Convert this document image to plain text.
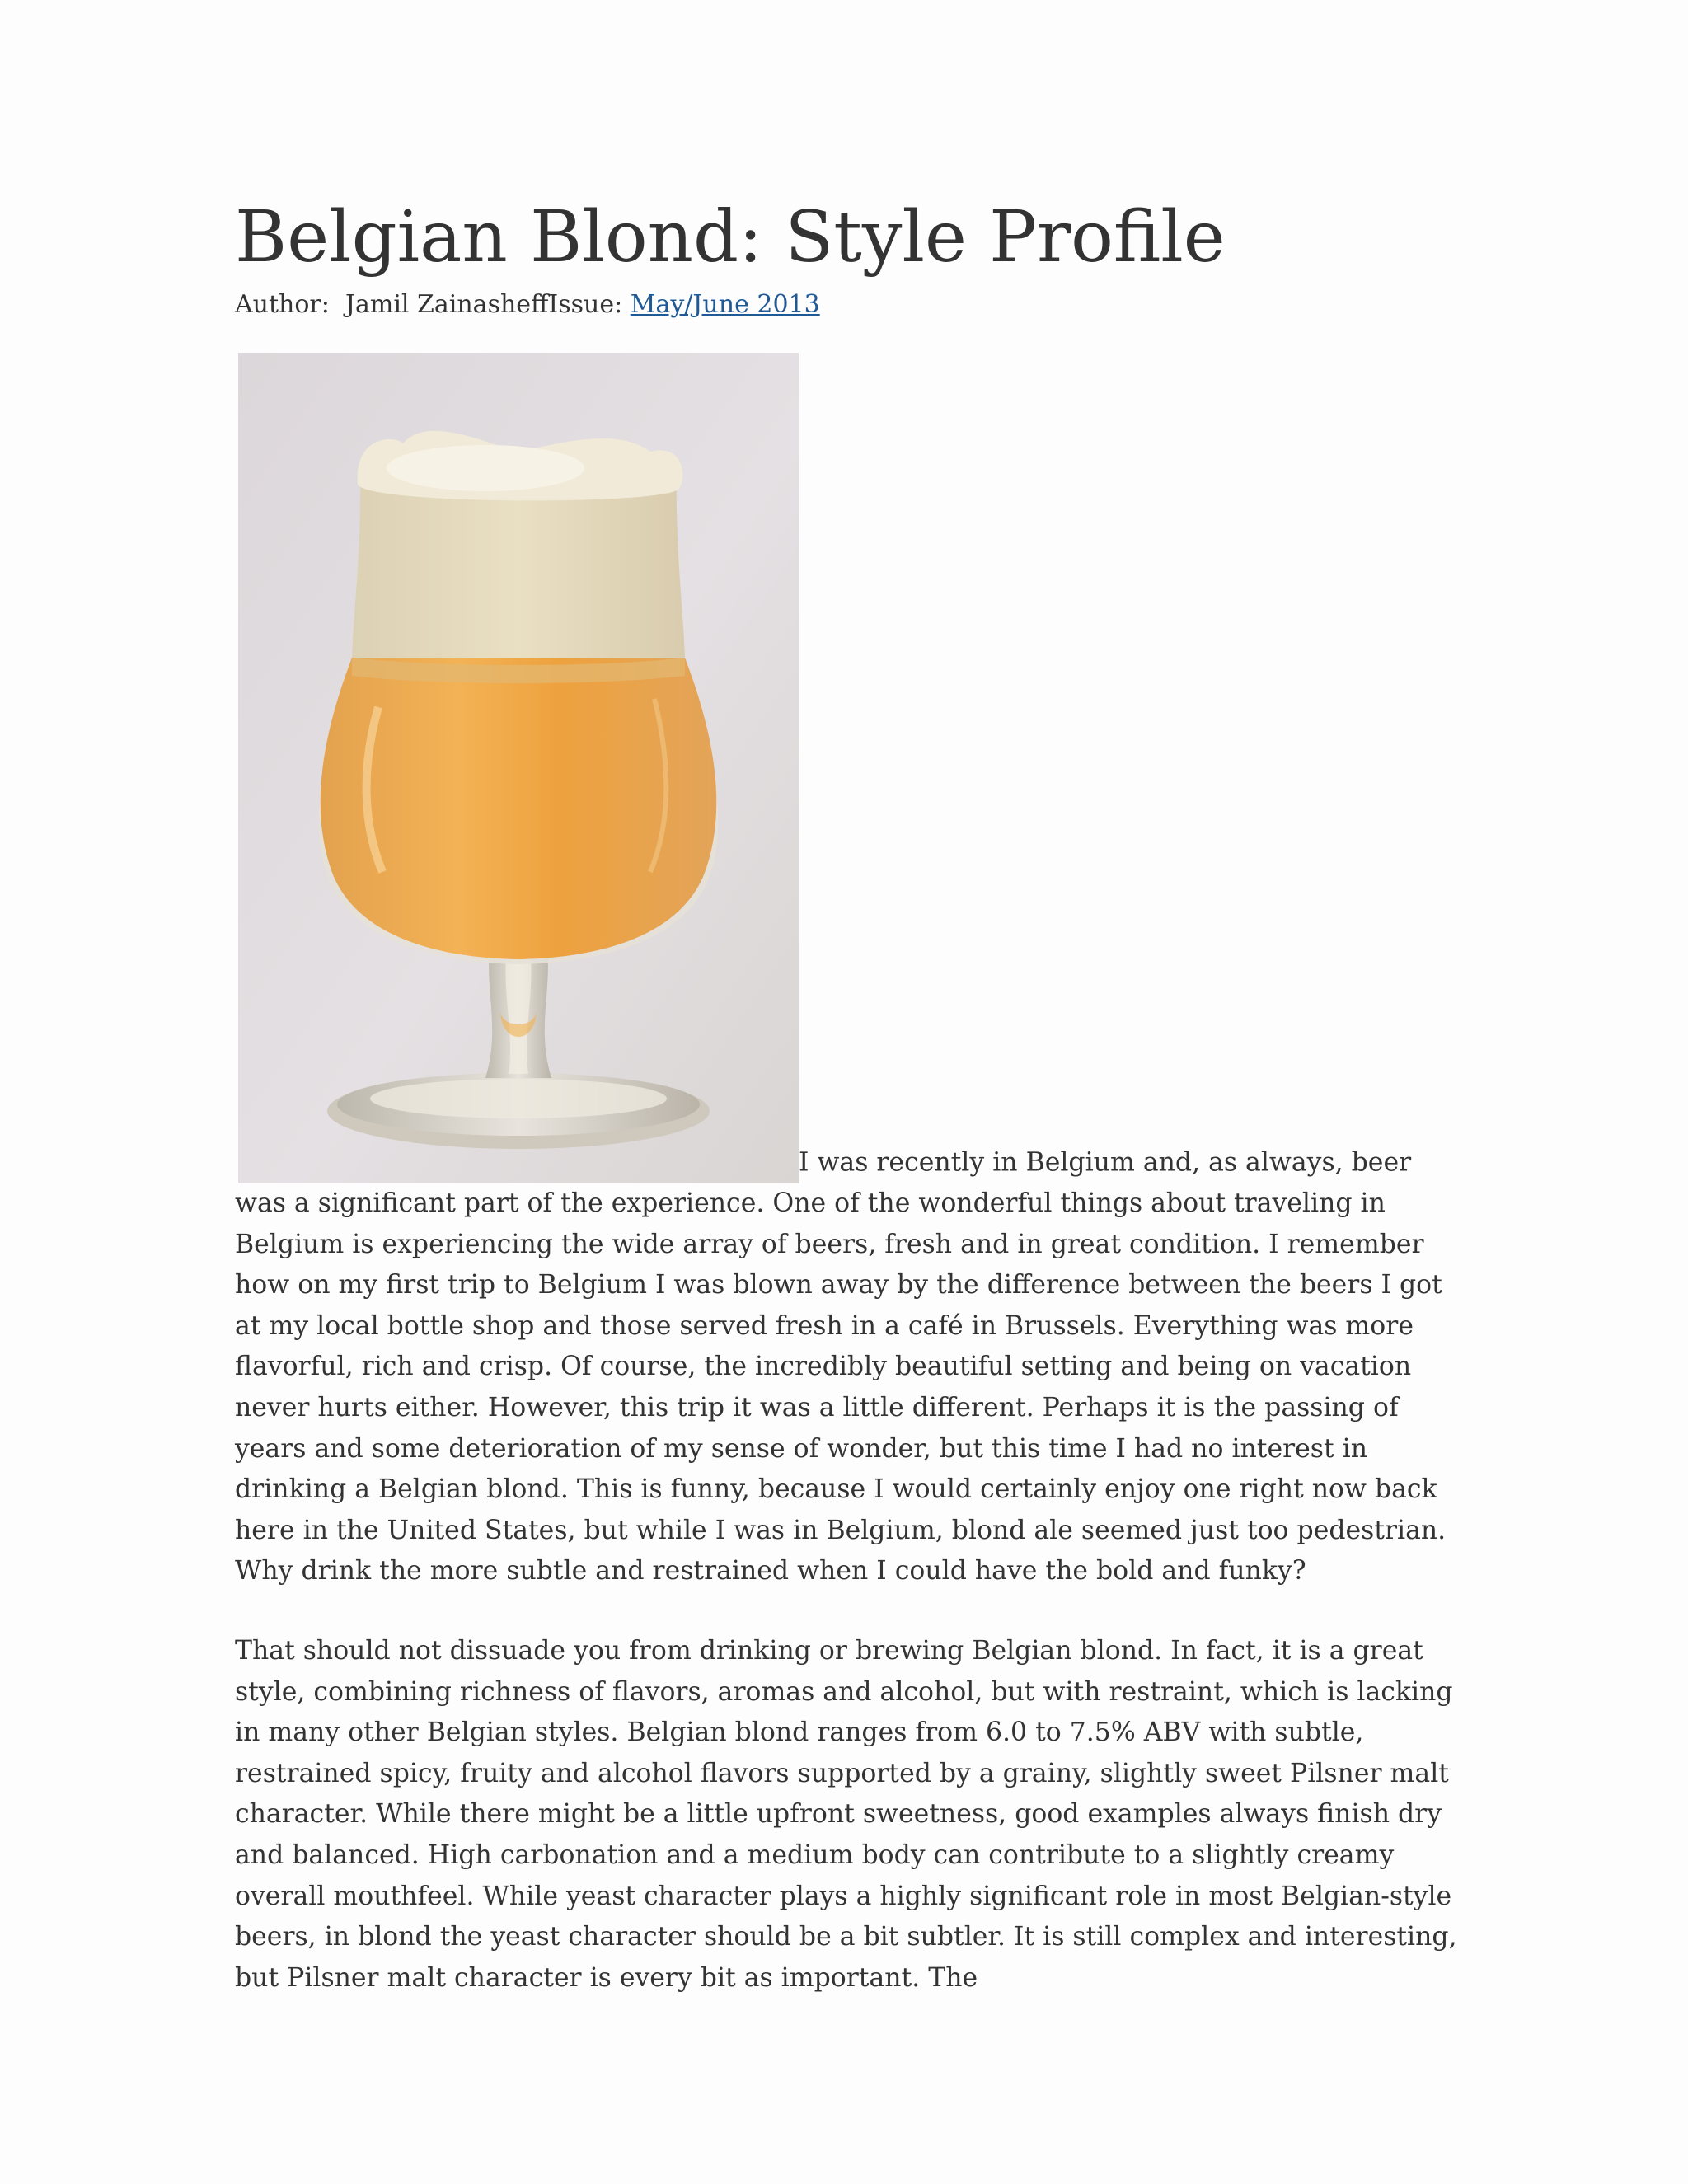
Belgian Blond: Style Profile
Author: Jamil ZainasheffIssue: May/June 2013

I was recently in Belgium and, as always, beer was a significant part of the experience. One of the wonderful things about traveling in Belgium is experiencing the wide array of beers, fresh and in great condition. I remember how on my first trip to Belgium I was blown away by the difference between the beers I got at my local bottle shop and those served fresh in a café in Brussels. Everything was more flavorful, rich and crisp. Of course, the incredibly beautiful setting and being on vacation never hurts either. However, this trip it was a little different. Perhaps it is the passing of years and some deterioration of my sense of wonder, but this time I had no interest in drinking a Belgian blond. This is funny, because I would certainly enjoy one right now back here in the United States, but while I was in Belgium, blond ale seemed just too pedestrian. Why drink the more subtle and restrained when I could have the bold and funky?

That should not dissuade you from drinking or brewing Belgian blond. In fact, it is a great style, combining richness of flavors, aromas and alcohol, but with restraint, which is lacking in many other Belgian styles. Belgian blond ranges from 6.0 to 7.5% ABV with subtle, restrained spicy, fruity and alcohol flavors supported by a grainy, slightly sweet Pilsner malt character. While there might be a little upfront sweetness, good examples always finish dry and balanced. High carbonation and a medium body can contribute to a slightly creamy overall mouthfeel. While yeast character plays a highly significant role in most Belgian-style beers, in blond the yeast character should be a bit subtler. It is still complex and interesting, but Pilsner malt character is every bit as important. The
